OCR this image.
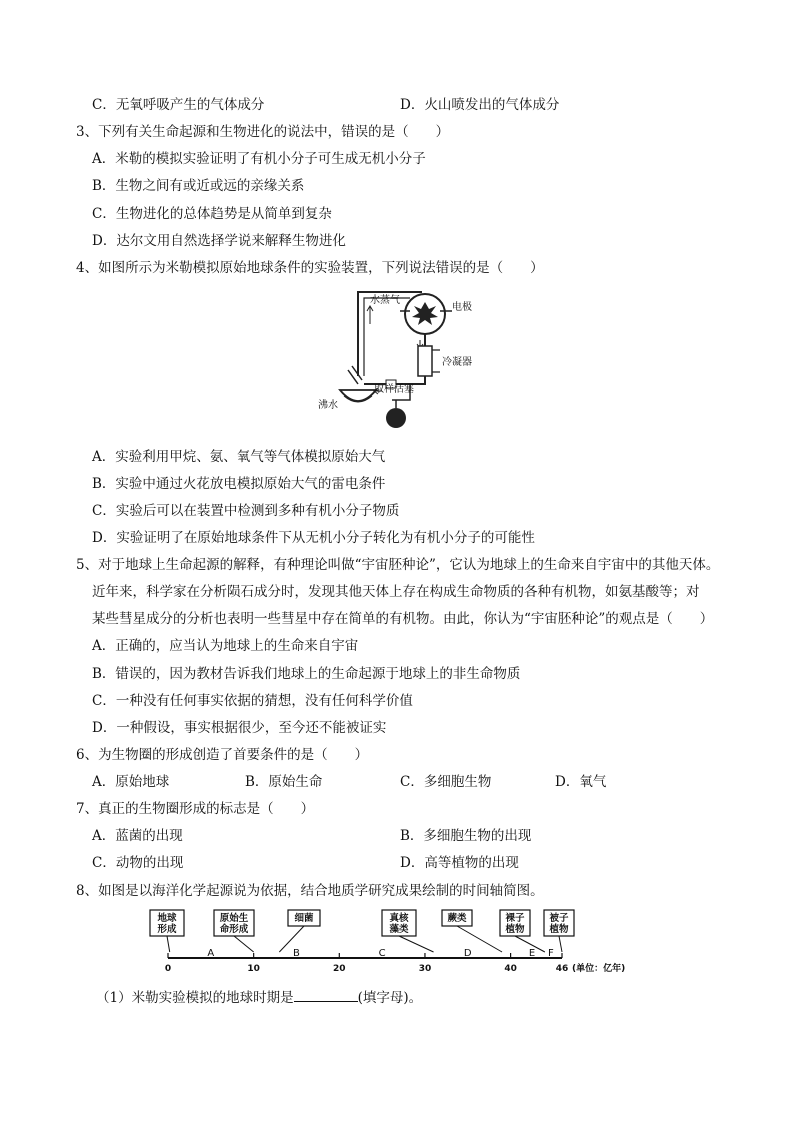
C．无氧呼吸产生的气体成分	D．火山喷发出的气体成分
3、下列有关生命起源和生物进化的说法中，错误的是（　　）
A．米勒的模拟实验证明了有机小分子可生成无机小分子
B．生物之间有或近或远的亲缘关系
C．生物进化的总体趋势是从简单到复杂
D．达尔文用自然选择学说来解释生物进化
4、如图所示为米勒模拟原始地球条件的实验装置，下列说法错误的是（　　）
水蒸气
电极
冷凝器
取样活塞
沸水
A．实验利用甲烷、氨、氧气等气体模拟原始大气
B．实验中通过火花放电模拟原始大气的雷电条件
C．实验后可以在装置中检测到多种有机小分子物质
D．实验证明了在原始地球条件下从无机小分子转化为有机小分子的可能性
5、对于地球上生命起源的解释，有种理论叫做“宇宙胚种论”，它认为地球上的生命来自宇宙中的其他天体。
近年来，科学家在分析陨石成分时，发现其他天体上存在构成生命物质的各种有机物，如氨基酸等；对
某些彗星成分的分析也表明一些彗星中存在简单的有机物。由此，你认为“宇宙胚种论”的观点是（　　）
A．正确的，应当认为地球上的生命来自宇宙
B．错误的，因为教材告诉我们地球上的生命起源于地球上的非生命物质
C．一种没有任何事实依据的猜想，没有任何科学价值
D．一种假设，事实根据很少，至今还不能被证实
6、为生物圈的形成创造了首要条件的是（　　）
A．原始地球	B．原始生命	C．多细胞生物	D．氧气
7、真正的生物圈形成的标志是（　　）
A．蓝菌的出现	B．多细胞生物的出现
C．动物的出现	D．高等植物的出现
8、如图是以海洋化学起源说为依据，结合地质学研究成果绘制的时间轴简图。
0	10	20	30	40	46 (单位：亿年)
A	B	C	D	E F
地球
形成
原始生
命形成
细菌	真核
藻类
蕨类	裸子
植物
被子
植物
（1）米勒实验模拟的地球时期是	(填字母)。
